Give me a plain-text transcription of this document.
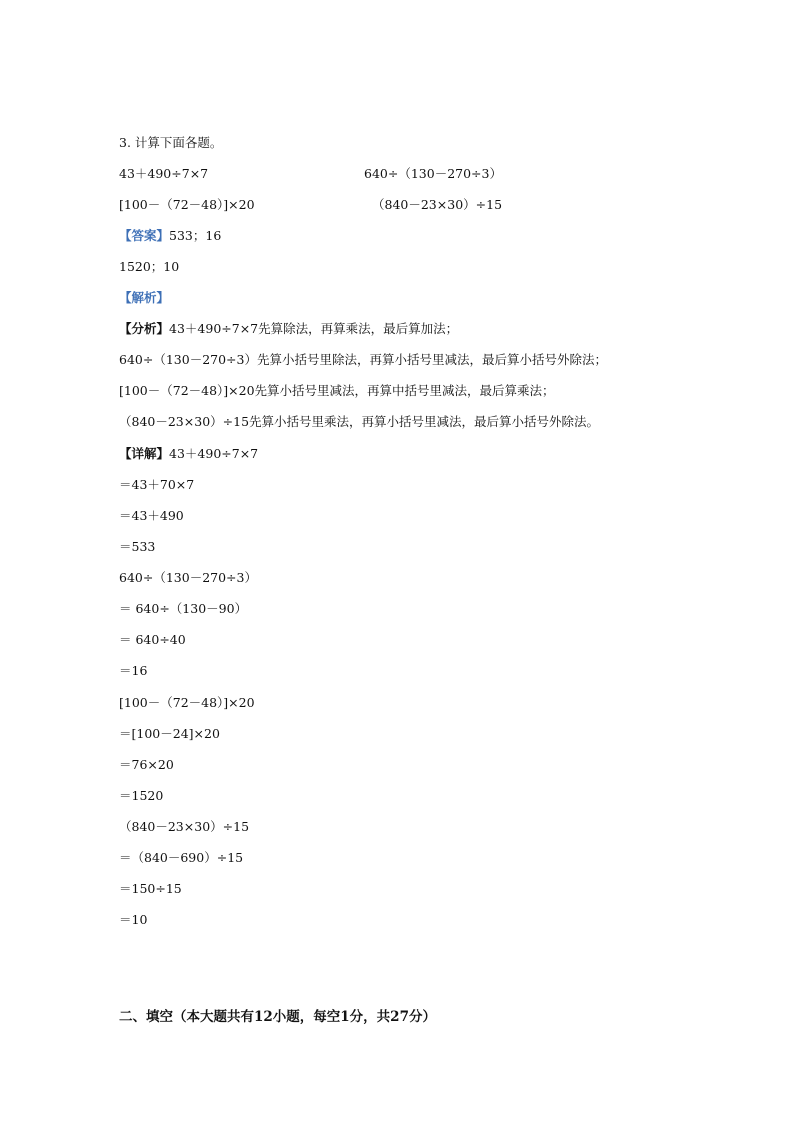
3. 计算下面各题。
43＋490÷7×7	640÷（130－270÷3）
[100－（72－48）]×20	（840－23×30）÷15
【答案】533；16
1520；10
【解析】
【分析】43＋490÷7×7先算除法，再算乘法，最后算加法；
640÷（130－270÷3）先算小括号里除法，再算小括号里减法，最后算小括号外除法；
[100－（72－48）]×20先算小括号里减法，再算中括号里减法，最后算乘法；
（840－23×30）÷15先算小括号里乘法，再算小括号里减法，最后算小括号外除法。
【详解】43＋490÷7×7
＝43＋70×7
＝43＋490
＝533
640÷（130－270÷3）
＝ 640÷（130－90）
＝ 640÷40
＝16
[100－（72－48）]×20
＝[100－24]×20
＝76×20
＝1520
（840－23×30）÷15
＝（840－690）÷15
＝150÷15
＝10
二、填空（本大题共有12小题，每空1分，共27分）
